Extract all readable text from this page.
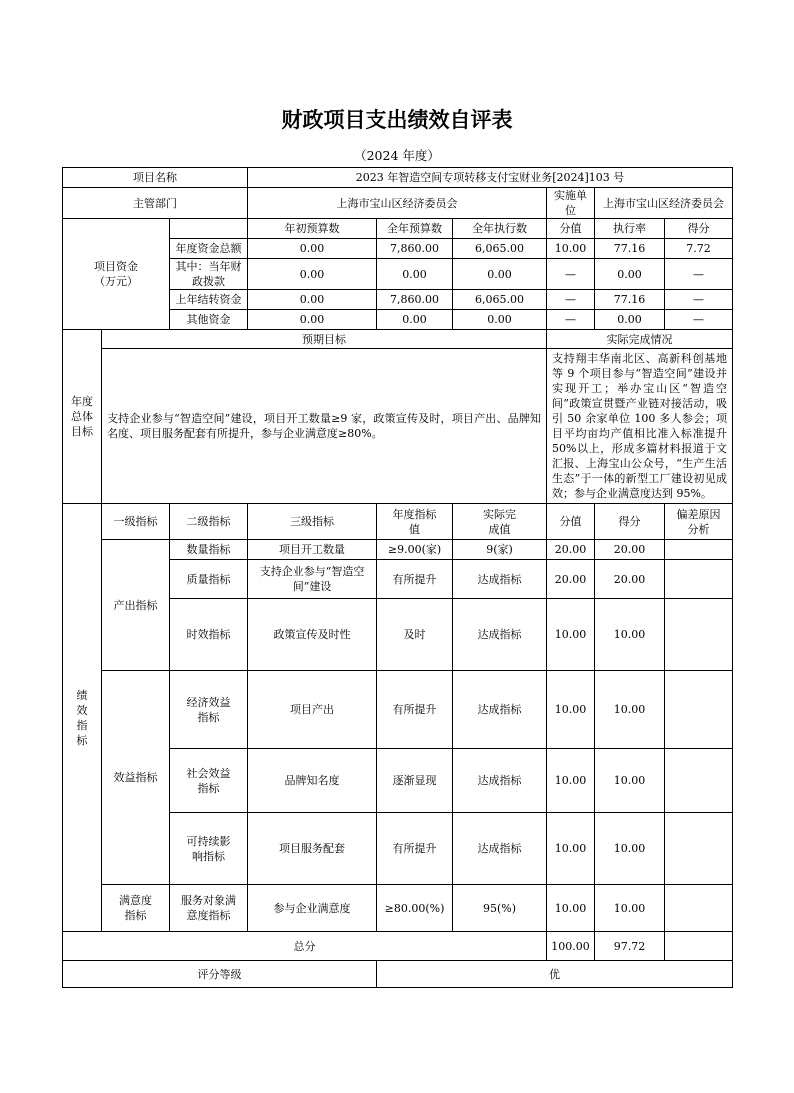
财政项目支出绩效自评表
（2024 年度）
项目名称			2023 年智造空间专项转移支付宝财业务[2024]103 号					
主管部门			上海市宝山区经济委员会			实施单位	上海市宝山区经济委员会	

项目资金
（万元）			年初预算数	全年预算数	全年执行数	分值	执行率	得分
		年度资金总额	0.00	7,860.00	6,065.00	10.00	77.16	7.72
		其中：当年财政拨款	0.00	0.00	0.00	—	0.00	—
		上年结转资金	0.00	7,860.00	6,065.00	—	77.16	—
		其他资金	0.00	0.00	0.00	—	0.00	—
年度总体目标	预期目标					实际完成情况		
	支持企业参与“智造空间”建设，项目开工数量≥9 家，政策宣传及时，项目产出、品牌知名度、项目服务配套有所提升，参与企业满意度≥80%。					支持翔丰华南北区、高新科创基地等 9 个项目参与“智造空间”建设并实现开工；举办宝山区“智造空间”政策宣贯暨产业链对接活动，吸引 50 余家单位 100 多人参会；项目平均亩均产值相比准入标准提升 50%以上，形成多篇材料报道于文汇报、上海宝山公众号，“生产生活生态”于一体的新型工厂建设初见成效；参与企业满意度达到 95%。		
绩效指标	一级指标	二级指标	三级指标	年度指标值	实际完成值	分值	得分	偏差原因分析
	产出指标	数量指标	项目开工数量	≥9.00(家)	9(家)	20.00	20.00	
		质量指标	支持企业参与“智造空间”建设	有所提升	达成指标	20.00	20.00	
		时效指标	政策宣传及时性	及时	达成指标	10.00	10.00	
	效益指标	经济效益指标	项目产出	有所提升	达成指标	10.00	10.00	
		社会效益指标	品牌知名度	逐渐显现	达成指标	10.00	10.00	
		可持续影响指标	项目服务配套	有所提升	达成指标	10.00	10.00	
	满意度指标	服务对象满意度指标	参与企业满意度	≥80.00(%)	95(%)	10.00	10.00	
总分						100.00	97.72	
评分等级				优				
